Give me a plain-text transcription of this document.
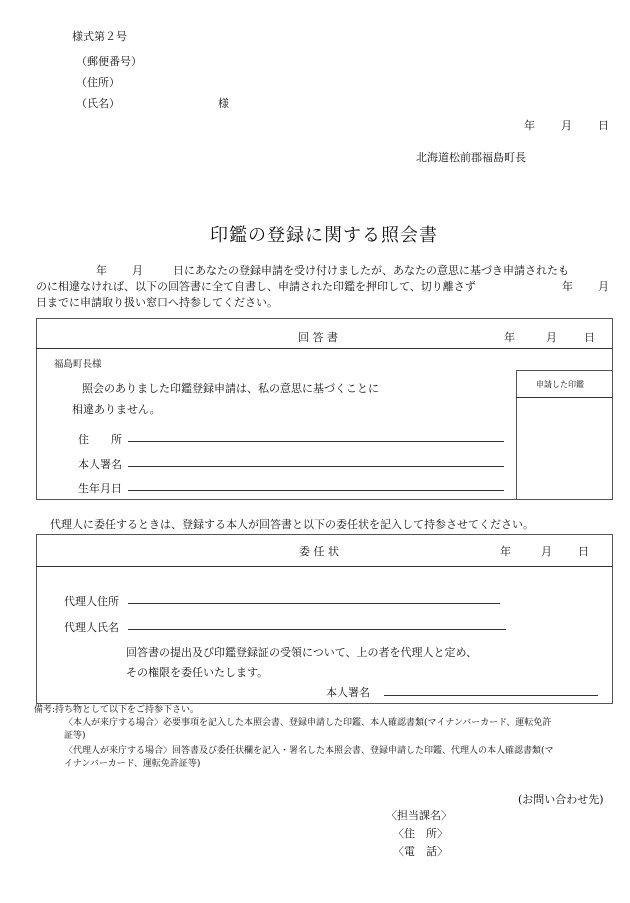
様式第２号
（郵便番号）
（住所）
（氏名）	様
年 月 日
北海道松前郡福島町長
印鑑の登録に関する照会書
年 月	日にあなたの登録申請を受け付けましたが、あなたの意思に基づき申請されたも
のに相違なければ、以下の回答書に全て自書し、申請された印鑑を押印して、切り離さず	年 月
日までに申請取り扱い窓口へ持参してください。
回 答 書	年	月 日
福島町長様
照会のありました印鑑登録申請は、私の意思に基づくことに
相違ありません。
住　　所
本人署名
生年月日
申請した印鑑
代理人に委任するときは、登録する本人が回答書と以下の委任状を記入して持参させてください。
委 任 状	年	月 日
代理人住所
代理人氏名
回答書の提出及び印鑑登録証の受領について、上の者を代理人と定め、
その権限を委任いたします。
本人署名
備考:持ち物として以下をご持参下さい。
〈本人が来庁する場合〉必要事項を記入した本照会書、登録申請した印鑑、本人確認書類(マイナンバーカード、運転免許
証等)
〈代理人が来庁する場合〉回答書及び委任状欄を記入・署名した本照会書、登録申請した印鑑、代理人の本人確認書類(マ
イナンバーカード、運転免許証等)
(お問い合わせ先)
〈担当課名〉
〈住　所〉
〈電　話〉
